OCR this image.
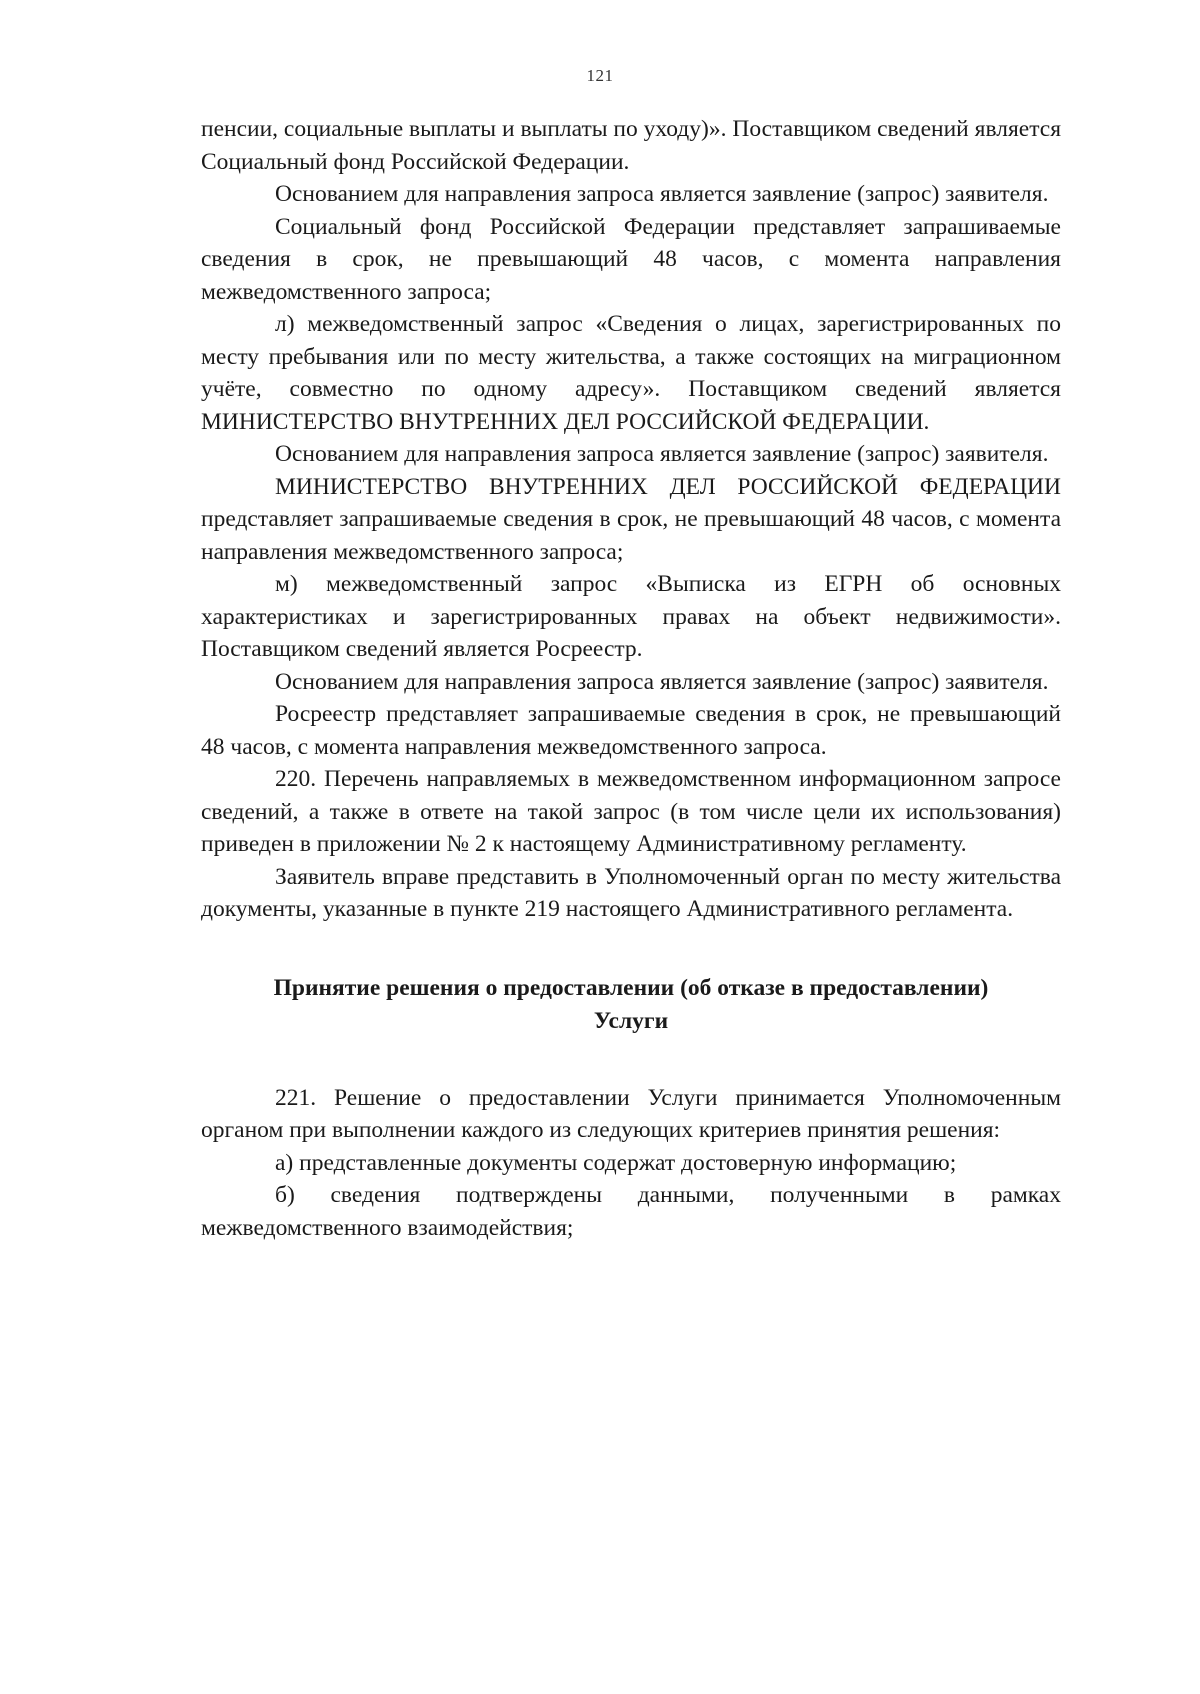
121

пенсии, социальные выплаты и выплаты по уходу)». Поставщиком сведений является Социальный фонд Российской Федерации.

Основанием для направления запроса является заявление (запрос) заявителя.

Социальный фонд Российской Федерации представляет запрашиваемые сведения в срок, не превышающий 48 часов, с момента направления межведомственного запроса;

л) межведомственный запрос «Сведения о лицах, зарегистрированных по месту пребывания или по месту жительства, а также состоящих на миграционном учёте, совместно по одному адресу». Поставщиком сведений является МИНИСТЕРСТВО ВНУТРЕННИХ ДЕЛ РОССИЙСКОЙ ФЕДЕРАЦИИ.

Основанием для направления запроса является заявление (запрос) заявителя.

МИНИСТЕРСТВО ВНУТРЕННИХ ДЕЛ РОССИЙСКОЙ ФЕДЕРАЦИИ представляет запрашиваемые сведения в срок, не превышающий 48 часов, с момента направления межведомственного запроса;

м) межведомственный запрос «Выписка из ЕГРН об основных характеристиках и зарегистрированных правах на объект недвижимости». Поставщиком сведений является Росреестр.

Основанием для направления запроса является заявление (запрос) заявителя.

Росреестр представляет запрашиваемые сведения в срок, не превышающий 48 часов, с момента направления межведомственного запроса.

220. Перечень направляемых в межведомственном информационном запросе сведений, а также в ответе на такой запрос (в том числе цели их использования) приведен в приложении № 2 к настоящему Административному регламенту.

Заявитель вправе представить в Уполномоченный орган по месту жительства документы, указанные в пункте 219 настоящего Административного регламента.

Принятие решения о предоставлении (об отказе в предоставлении) Услуги

221. Решение о предоставлении Услуги принимается Уполномоченным органом при выполнении каждого из следующих критериев принятия решения:

а) представленные документы содержат достоверную информацию;

б) сведения подтверждены данными, полученными в рамках межведомственного взаимодействия;
